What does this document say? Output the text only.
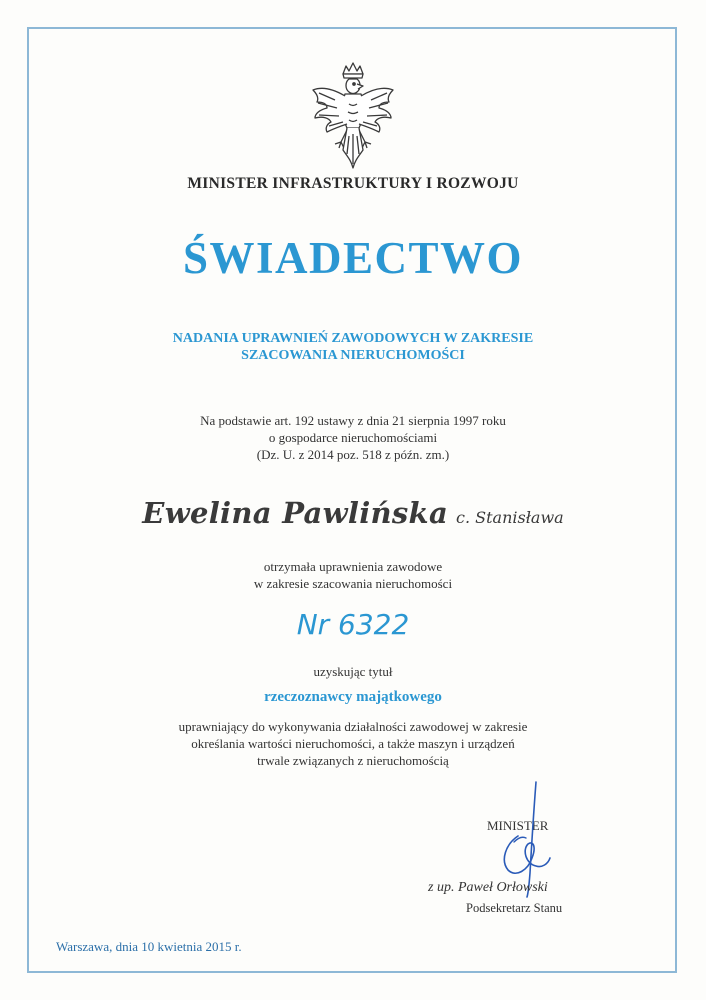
MINISTER INFRASTRUKTURY I ROZWOJU
ŚWIADECTWO
NADANIA UPRAWNIEŃ ZAWODOWYCH W ZAKRESIE
SZACOWANIA NIERUCHOMOŚCI
Na podstawie art. 192 ustawy z dnia 21 sierpnia 1997 roku
o gospodarce nieruchomościami
(Dz. U. z 2014 poz. 518 z późn. zm.)
Ewelina Pawlińska c. Stanisława
otrzymała uprawnienia zawodowe
w zakresie szacowania nieruchomości
Nr 6322
uzyskując tytuł
rzeczoznawcy majątkowego
uprawniający do wykonywania działalności zawodowej w zakresie
określania wartości nieruchomości, a także maszyn i urządzeń
trwale związanych z nieruchomością
MINISTER
z up. Paweł Orłowski
Podsekretarz Stanu
Warszawa, dnia 10 kwietnia 2015 r.
